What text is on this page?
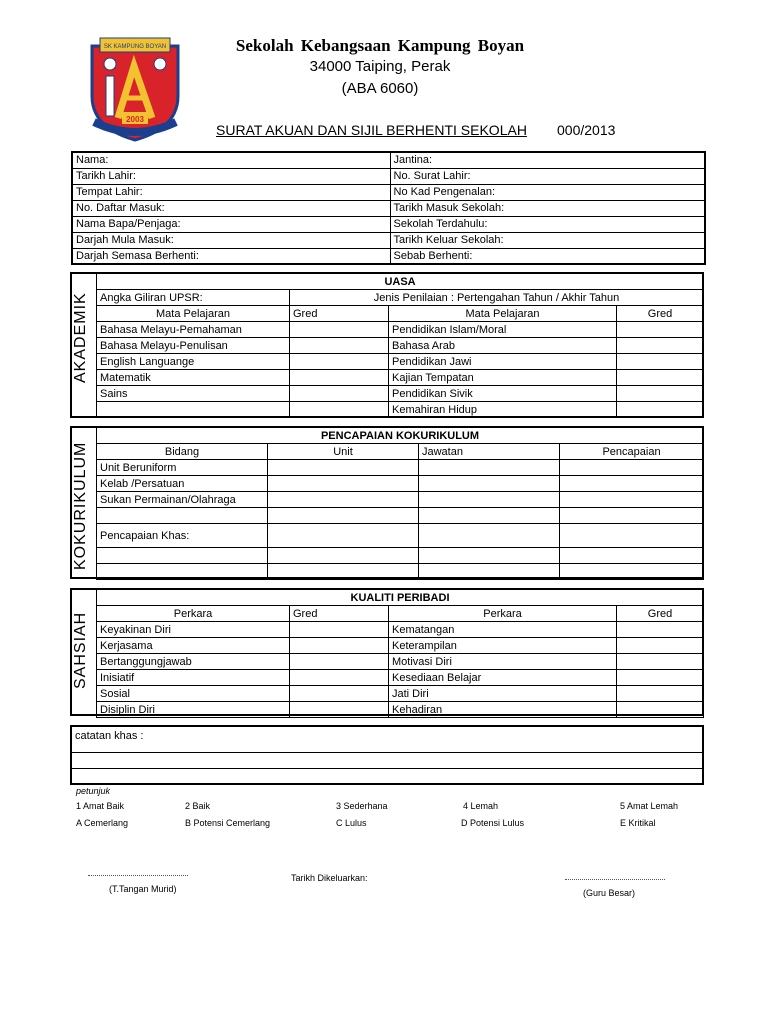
SK KAMPUNG BOYAN
2003
Sekolah Kebangsaan Kampung Boyan
34000 Taiping, Perak
(ABA 6060)
SURAT AKUAN DAN SIJIL BERHENTI SEKOLAH 000/2013
Nama:	Jantina:
Tarikh Lahir:	No. Surat Lahir:
Tempat Lahir:	No Kad Pengenalan:
No. Daftar Masuk:	Tarikh Masuk Sekolah:
Nama Bapa/Penjaga:	Sekolah Terdahulu:
Darjah Mula Masuk:	Tarikh Keluar Sekolah:
Darjah Semasa Berhenti:	Sebab Berhenti:
AKADEMIK
UASA			
Angka Giliran UPSR:	Jenis Penilaian : Pertengahan Tahun / Akhir Tahun		
Mata Pelajaran	Gred	Mata Pelajaran	Gred
Bahasa Melayu-Pemahaman		Pendidikan Islam/Moral	
Bahasa Melayu-Penulisan		Bahasa Arab	
English Languange		Pendidikan Jawi	
Matematik		Kajian Tempatan	
Sains		Pendidikan Sivik	
		Kemahiran Hidup	
KOKURIKULUM
PENCAPAIAN KOKURIKULUM			
Bidang	Unit	Jawatan	Pencapaian
Unit Beruniform			
Kelab /Persatuan			
Sukan Permainan/Olahraga			

Pencapaian Khas:			

SAHSIAH
KUALITI PERIBADI			
Perkara	Gred	Perkara	Gred
Keyakinan Diri		Kematangan	
Kerjasama		Keterampilan	
Bertanggungjawab		Motivasi Diri	
Inisiatif		Kesediaan Belajar	
Sosial		Jati Diri	
Disiplin Diri		Kehadiran	
catatan khas :

petunjuk
1 Amat Baik	2 Baik	3 Sederhana	4 Lemah	5 Amat Lemah
A Cemerlang	B Potensi Cemerlang	C Lulus	D Potensi Lulus	E Kritikal
(T.Tangan Murid)
Tarikh Dikeluarkan:
(Guru Besar)
